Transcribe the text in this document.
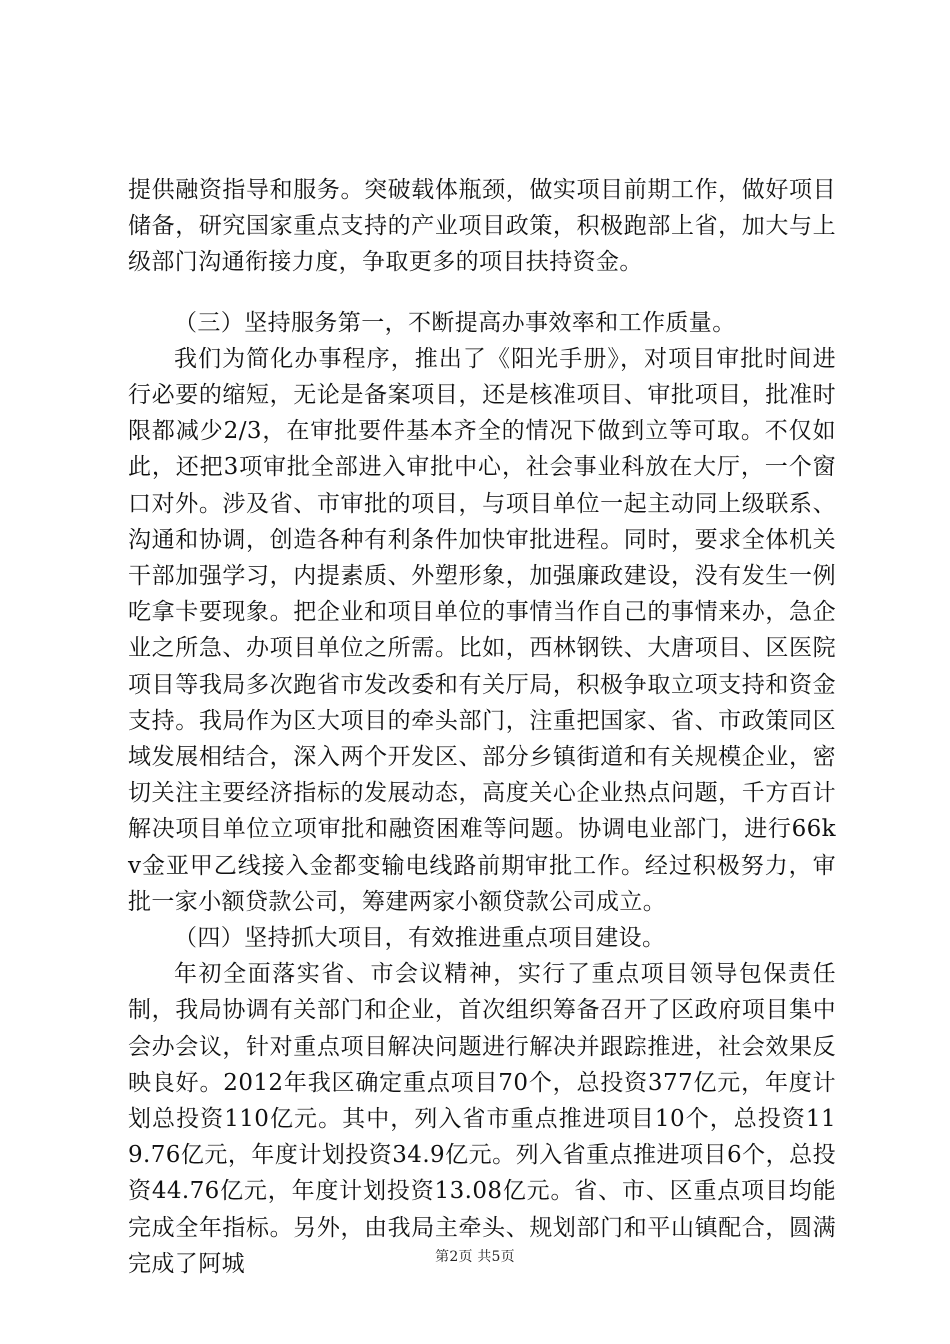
提供融资指导和服务。突破载体瓶颈，做实项目前期工作，做好项目储备，研究国家重点支持的产业项目政策，积极跑部上省，加大与上级部门沟通衔接力度，争取更多的项目扶持资金。

（三）坚持服务第一，不断提高办事效率和工作质量。

我们为简化办事程序，推出了《阳光手册》，对项目审批时间进行必要的缩短，无论是备案项目，还是核准项目、审批项目，批准时限都减少2/3，在审批要件基本齐全的情况下做到立等可取。不仅如此，还把3项审批全部进入审批中心，社会事业科放在大厅，一个窗口对外。涉及省、市审批的项目，与项目单位一起主动同上级联系、沟通和协调，创造各种有利条件加快审批进程。同时，要求全体机关干部加强学习，内提素质、外塑形象，加强廉政建设，没有发生一例吃拿卡要现象。把企业和项目单位的事情当作自己的事情来办，急企业之所急、办项目单位之所需。比如，西林钢铁、大唐项目、区医院项目等我局多次跑省市发改委和有关厅局，积极争取立项支持和资金支持。我局作为区大项目的牵头部门，注重把国家、省、市政策同区域发展相结合，深入两个开发区、部分乡镇街道和有关规模企业，密切关注主要经济指标的发展动态，高度关心企业热点问题，千方百计解决项目单位立项审批和融资困难等问题。协调电业部门，进行66kv金亚甲乙线接入金都变输电线路前期审批工作。经过积极努力，审批一家小额贷款公司，筹建两家小额贷款公司成立。

（四）坚持抓大项目，有效推进重点项目建设。

年初全面落实省、市会议精神，实行了重点项目领导包保责任制，我局协调有关部门和企业，首次组织筹备召开了区政府项目集中会办会议，针对重点项目解决问题进行解决并跟踪推进，社会效果反映良好。2012年我区确定重点项目70个，总投资377亿元，年度计划总投资110亿元。其中，列入省市重点推进项目10个，总投资119.76亿元，年度计划投资34.9亿元。列入省重点推进项目6个，总投资44.76亿元，年度计划投资13.08亿元。省、市、区重点项目均能完成全年指标。另外，由我局主牵头、规划部门和平山镇配合，圆满完成了阿城	第2页 共5页
